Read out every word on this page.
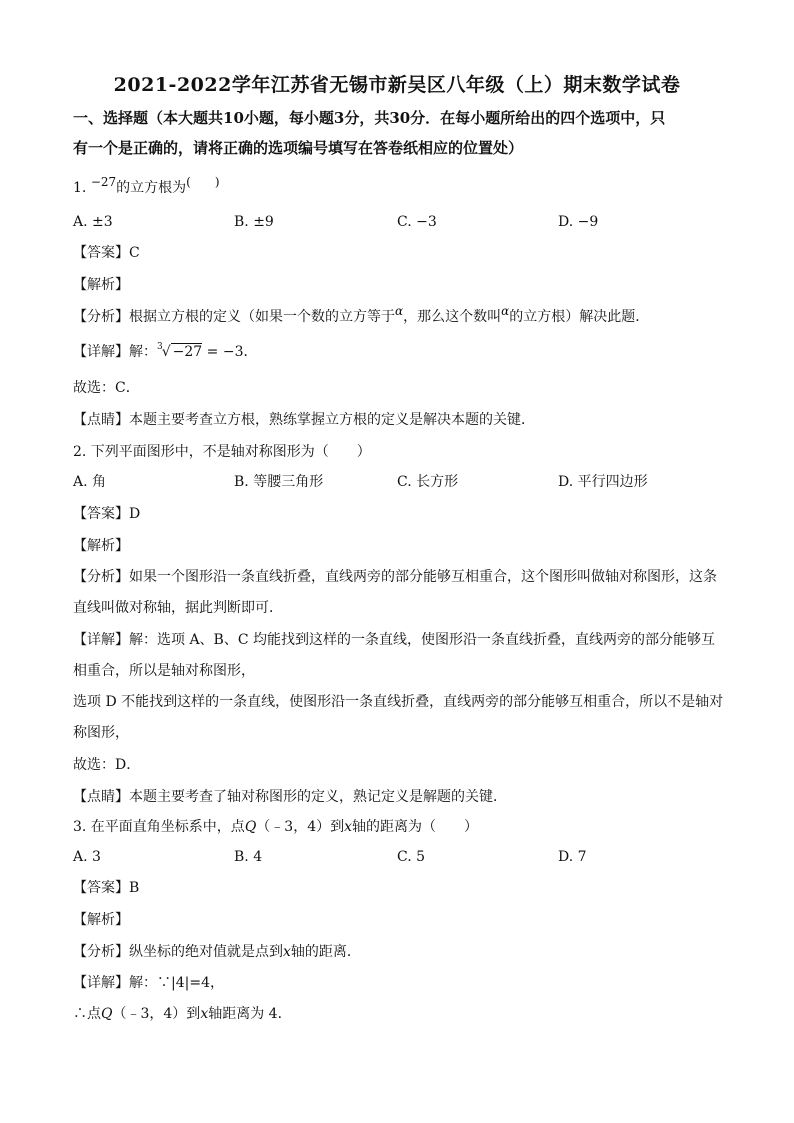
2021-2022学年江苏省无锡市新吴区八年级（上）期末数学试卷
一、选择题（本大题共10小题，每小题3分，共30分．在每小题所给出的四个选项中，只
有一个是正确的，请将正确的选项编号填写在答卷纸相应的位置处）
1. −27的立方根为(　　)
A. ±3	B. ±9	C. −3	D. −9
【答案】C
【解析】
【分析】根据立方根的定义（如果一个数的立方等于α，那么这个数叫α的立方根）解决此题．
【详解】解：$^3$√ −27 = −3．
故选：C．
【点睛】本题主要考查立方根，熟练掌握立方根的定义是解决本题的关键．
2. 下列平面图形中，不是轴对称图形为（　　）
A. 角	B. 等腰三角形	C. 长方形	D. 平行四边形
【答案】D
【解析】
【分析】如果一个图形沿一条直线折叠，直线两旁的部分能够互相重合，这个图形叫做轴对称图形，这条
直线叫做对称轴，据此判断即可．
【详解】解：选项 A、B、C 均能找到这样的一条直线，使图形沿一条直线折叠，直线两旁的部分能够互
相重合，所以是轴对称图形，
选项 D 不能找到这样的一条直线，使图形沿一条直线折叠，直线两旁的部分能够互相重合，所以不是轴对
称图形，
故选：D．
【点睛】本题主要考查了轴对称图形的定义，熟记定义是解题的关键．
3. 在平面直角坐标系中，点Q（﹣3，4）到x轴的距离为（　　）
A. 3	B. 4	C. 5	D. 7
【答案】B
【解析】
【分析】纵坐标的绝对值就是点到x轴的距离．
【详解】解：∵|4|=4，
∴点Q（﹣3，4）到x轴距离为 4．
